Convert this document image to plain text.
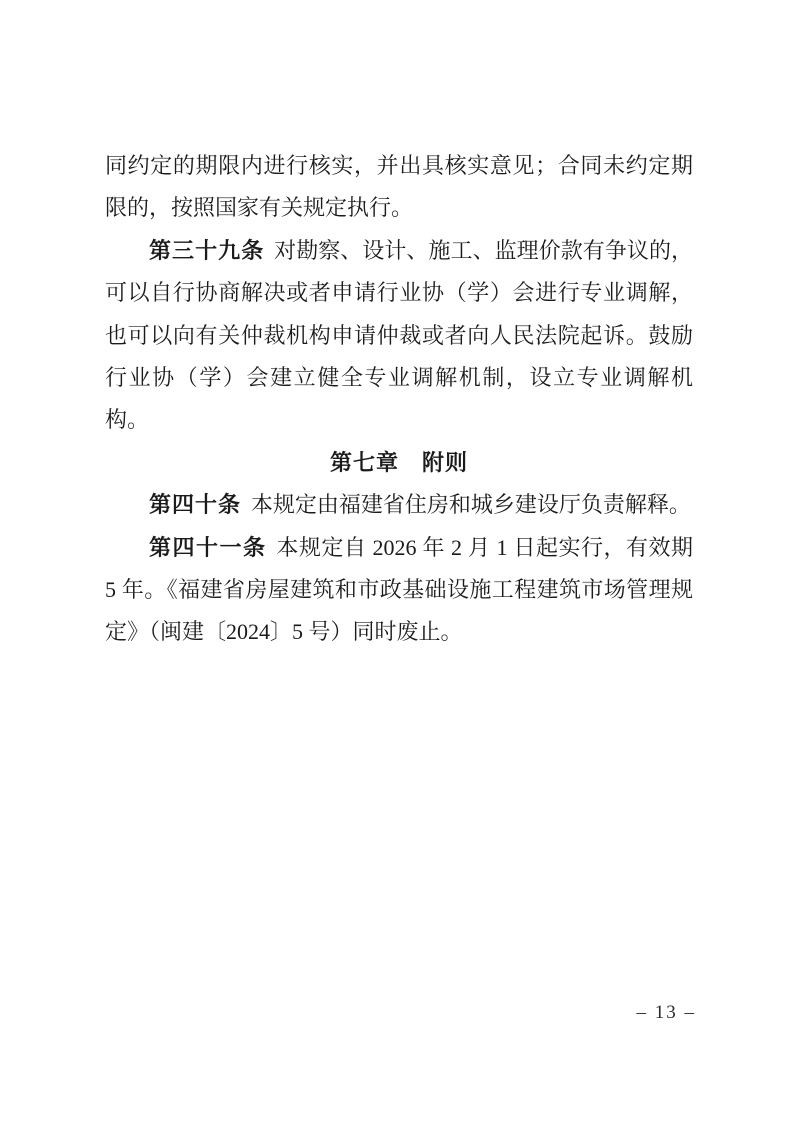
同约定的期限内进行核实，并出具核实意见；合同未约定期限的，按照国家有关规定执行。

第三十九条 对勘察、设计、施工、监理价款有争议的，可以自行协商解决或者申请行业协（学）会进行专业调解，也可以向有关仲裁机构申请仲裁或者向人民法院起诉。鼓励行业协（学）会建立健全专业调解机制，设立专业调解机构。

第七章　附则

第四十条 本规定由福建省住房和城乡建设厅负责解释。

第四十一条 本规定自 2026 年 2 月 1 日起实行，有效期 5 年。《福建省房屋建筑和市政基础设施工程建筑市场管理规定》（闽建〔2024〕5 号）同时废止。

– 13 –
